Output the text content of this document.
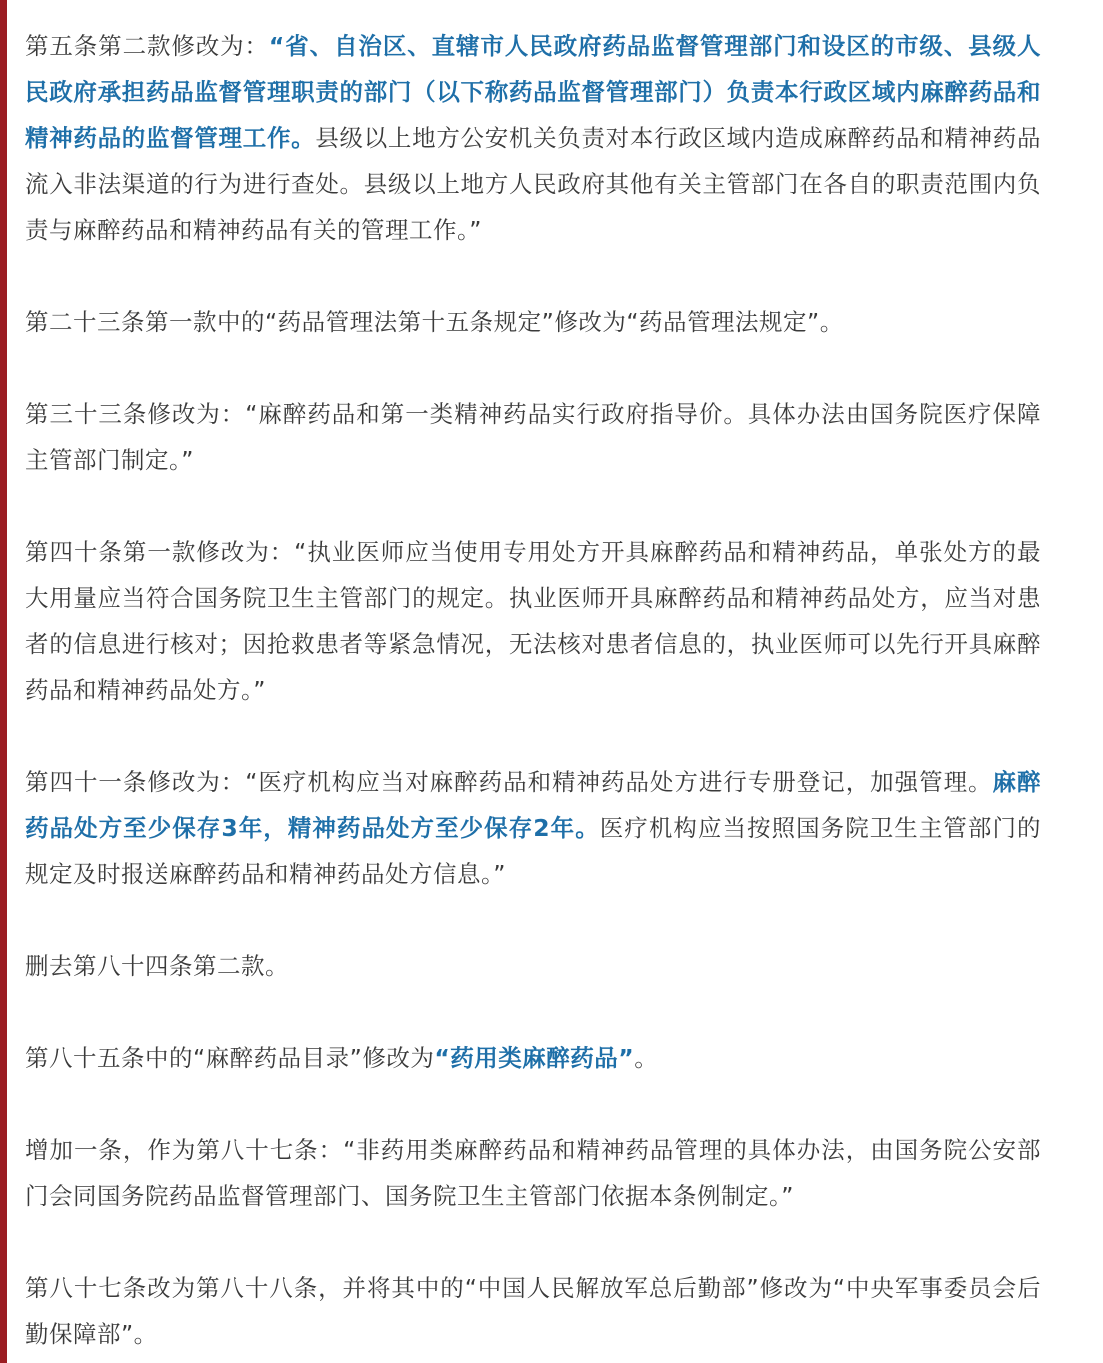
第五条第二款修改为：“省、自治区、直辖市人民政府药品监督管理部门和设区的市级、县级人民政府承担药品监督管理职责的部门（以下称药品监督管理部门）负责本行政区域内麻醉药品和精神药品的监督管理工作。县级以上地方公安机关负责对本行政区域内造成麻醉药品和精神药品流入非法渠道的行为进行查处。县级以上地方人民政府其他有关主管部门在各自的职责范围内负责与麻醉药品和精神药品有关的管理工作。”

第二十三条第一款中的“药品管理法第十五条规定”修改为“药品管理法规定”。

第三十三条修改为：“麻醉药品和第一类精神药品实行政府指导价。具体办法由国务院医疗保障主管部门制定。”

第四十条第一款修改为：“执业医师应当使用专用处方开具麻醉药品和精神药品，单张处方的最大用量应当符合国务院卫生主管部门的规定。执业医师开具麻醉药品和精神药品处方，应当对患者的信息进行核对；因抢救患者等紧急情况，无法核对患者信息的，执业医师可以先行开具麻醉药品和精神药品处方。”

第四十一条修改为：“医疗机构应当对麻醉药品和精神药品处方进行专册登记，加强管理。麻醉药品处方至少保存3年，精神药品处方至少保存2年。医疗机构应当按照国务院卫生主管部门的规定及时报送麻醉药品和精神药品处方信息。”

删去第八十四条第二款。

第八十五条中的“麻醉药品目录”修改为“药用类麻醉药品”。

增加一条，作为第八十七条：“非药用类麻醉药品和精神药品管理的具体办法，由国务院公安部门会同国务院药品监督管理部门、国务院卫生主管部门依据本条例制定。”

第八十七条改为第八十八条，并将其中的“中国人民解放军总后勤部”修改为“中央军事委员会后勤保障部”。
